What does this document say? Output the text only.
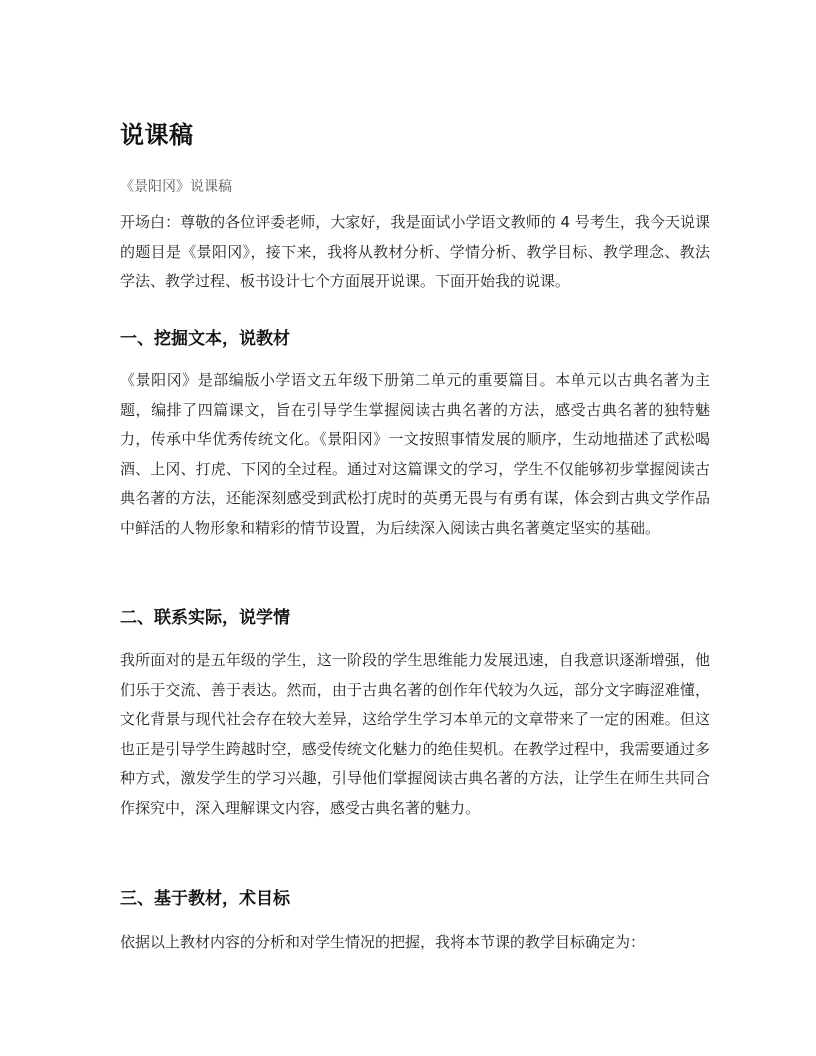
说课稿

《景阳冈》说课稿

开场白：尊敬的各位评委老师，大家好，我是面试小学语文教师的 4 号考生，我今天说课的题目是《景阳冈》，接下来，我将从教材分析、学情分析、教学目标、教学理念、教法学法、教学过程、板书设计七个方面展开说课。下面开始我的说课。

一、挖掘文本，说教材

《景阳冈》是部编版小学语文五年级下册第二单元的重要篇目。本单元以古典名著为主题，编排了四篇课文，旨在引导学生掌握阅读古典名著的方法，感受古典名著的独特魅力，传承中华优秀传统文化。《景阳冈》一文按照事情发展的顺序，生动地描述了武松喝酒、上冈、打虎、下冈的全过程。通过对这篇课文的学习，学生不仅能够初步掌握阅读古典名著的方法，还能深刻感受到武松打虎时的英勇无畏与有勇有谋，体会到古典文学作品中鲜活的人物形象和精彩的情节设置，为后续深入阅读古典名著奠定坚实的基础。

二、联系实际，说学情

我所面对的是五年级的学生，这一阶段的学生思维能力发展迅速，自我意识逐渐增强，他们乐于交流、善于表达。然而，由于古典名著的创作年代较为久远，部分文字晦涩难懂，文化背景与现代社会存在较大差异，这给学生学习本单元的文章带来了一定的困难。但这也正是引导学生跨越时空，感受传统文化魅力的绝佳契机。在教学过程中，我需要通过多种方式，激发学生的学习兴趣，引导他们掌握阅读古典名著的方法，让学生在师生共同合作探究中，深入理解课文内容，感受古典名著的魅力。

三、基于教材，术目标

依据以上教材内容的分析和对学生情况的把握，我将本节课的教学目标确定为：
